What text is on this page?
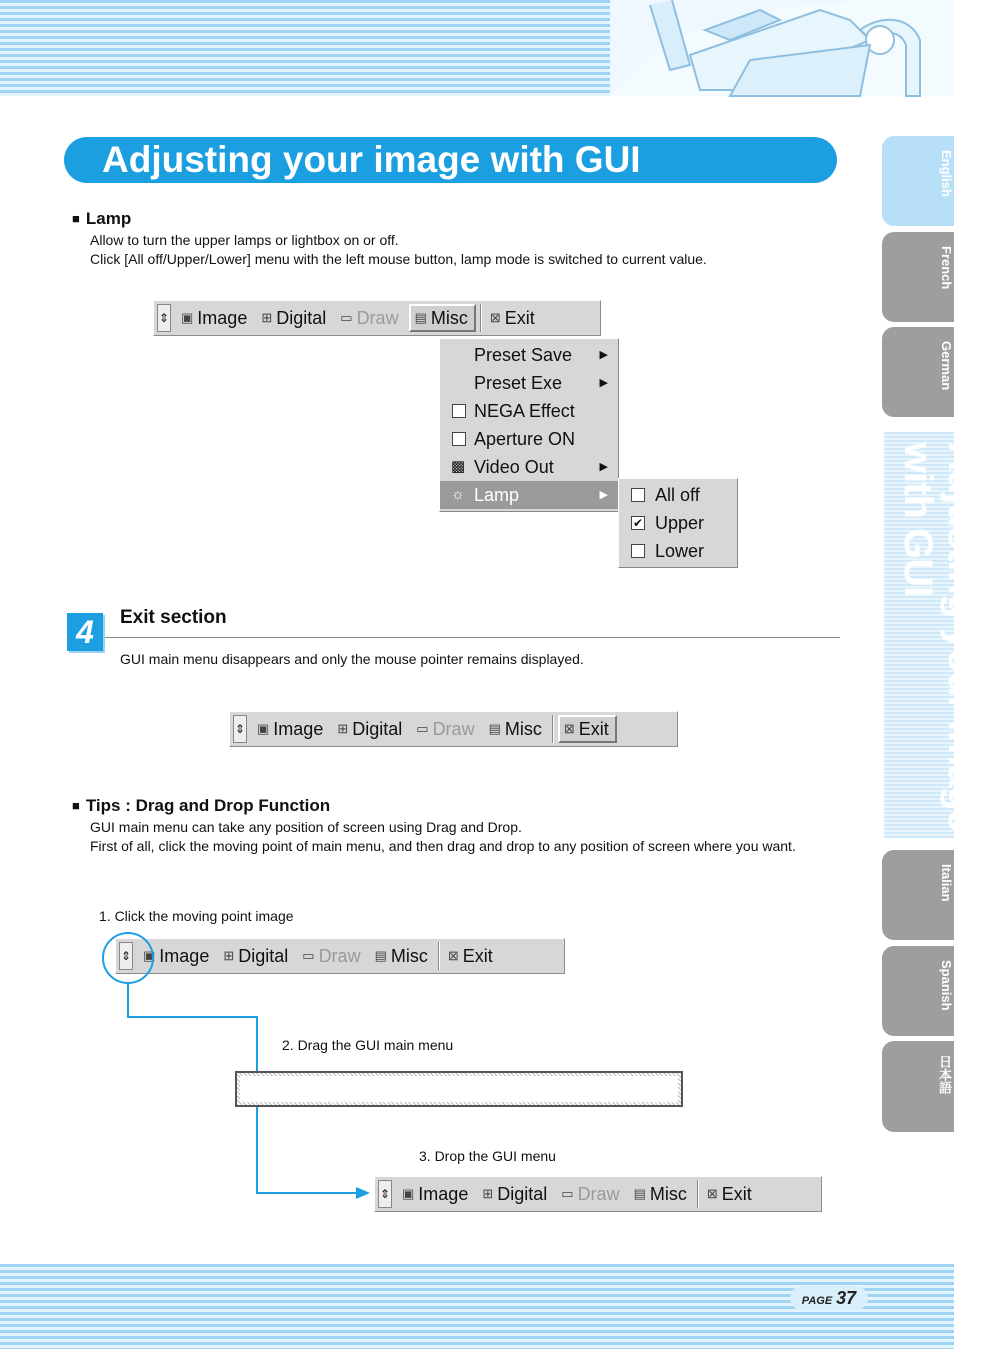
Adjusting your image with GUI	English
French
German
Adjusting your image with GUI
Italian
Spanish
日本語
■ Lamp
Allow to turn the upper lamps or lightbox on or off.
Click [All off/Upper/Lower] menu with the left mouse button, lamp mode is switched to current value.
⇕ ▣ Image ⊞ Digital ▭ Draw ▤ Misc ⊠ Exit
Preset Save ▶
Preset Exe	▶
NEGA Effect
Aperture ON
▩ Video Out	▶
☼ Lamp	▶	All off
✔ Upper
Lower
4	Exit section
GUI main menu disappears and only the mouse pointer remains displayed.
⇕ ▣ Image ⊞ Digital ▭ Draw ▤ Misc ⊠ Exit
■ Tips : Drag and Drop Function
GUI main menu can take any position of screen using Drag and Drop.
First of all, click the moving point of main menu, and then drag and drop to any position of screen where you want.
1. Click the moving point image
⇕ ▣ Image ⊞ Digital ▭ Draw ▤ Misc ⊠ Exit
2. Drag the GUI main menu
3. Drop the GUI menu
⇕ ▣ Image ⊞ Digital ▭ Draw ▤ Misc ⊠ Exit
PAGE 37
